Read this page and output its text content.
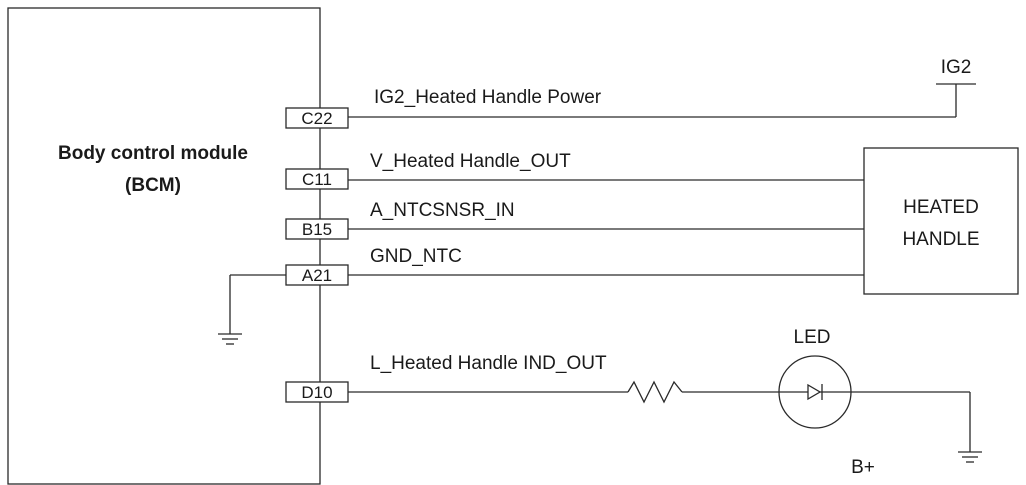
Body control module
(BCM)
C22
IG2
IG2_Heated Handle Power
HEATED
HANDLE
C11
V_Heated Handle_OUT
B15
A_NTCSNSR_IN
A21
GND_NTC
D10
L_Heated Handle IND_OUT
LED
B+
